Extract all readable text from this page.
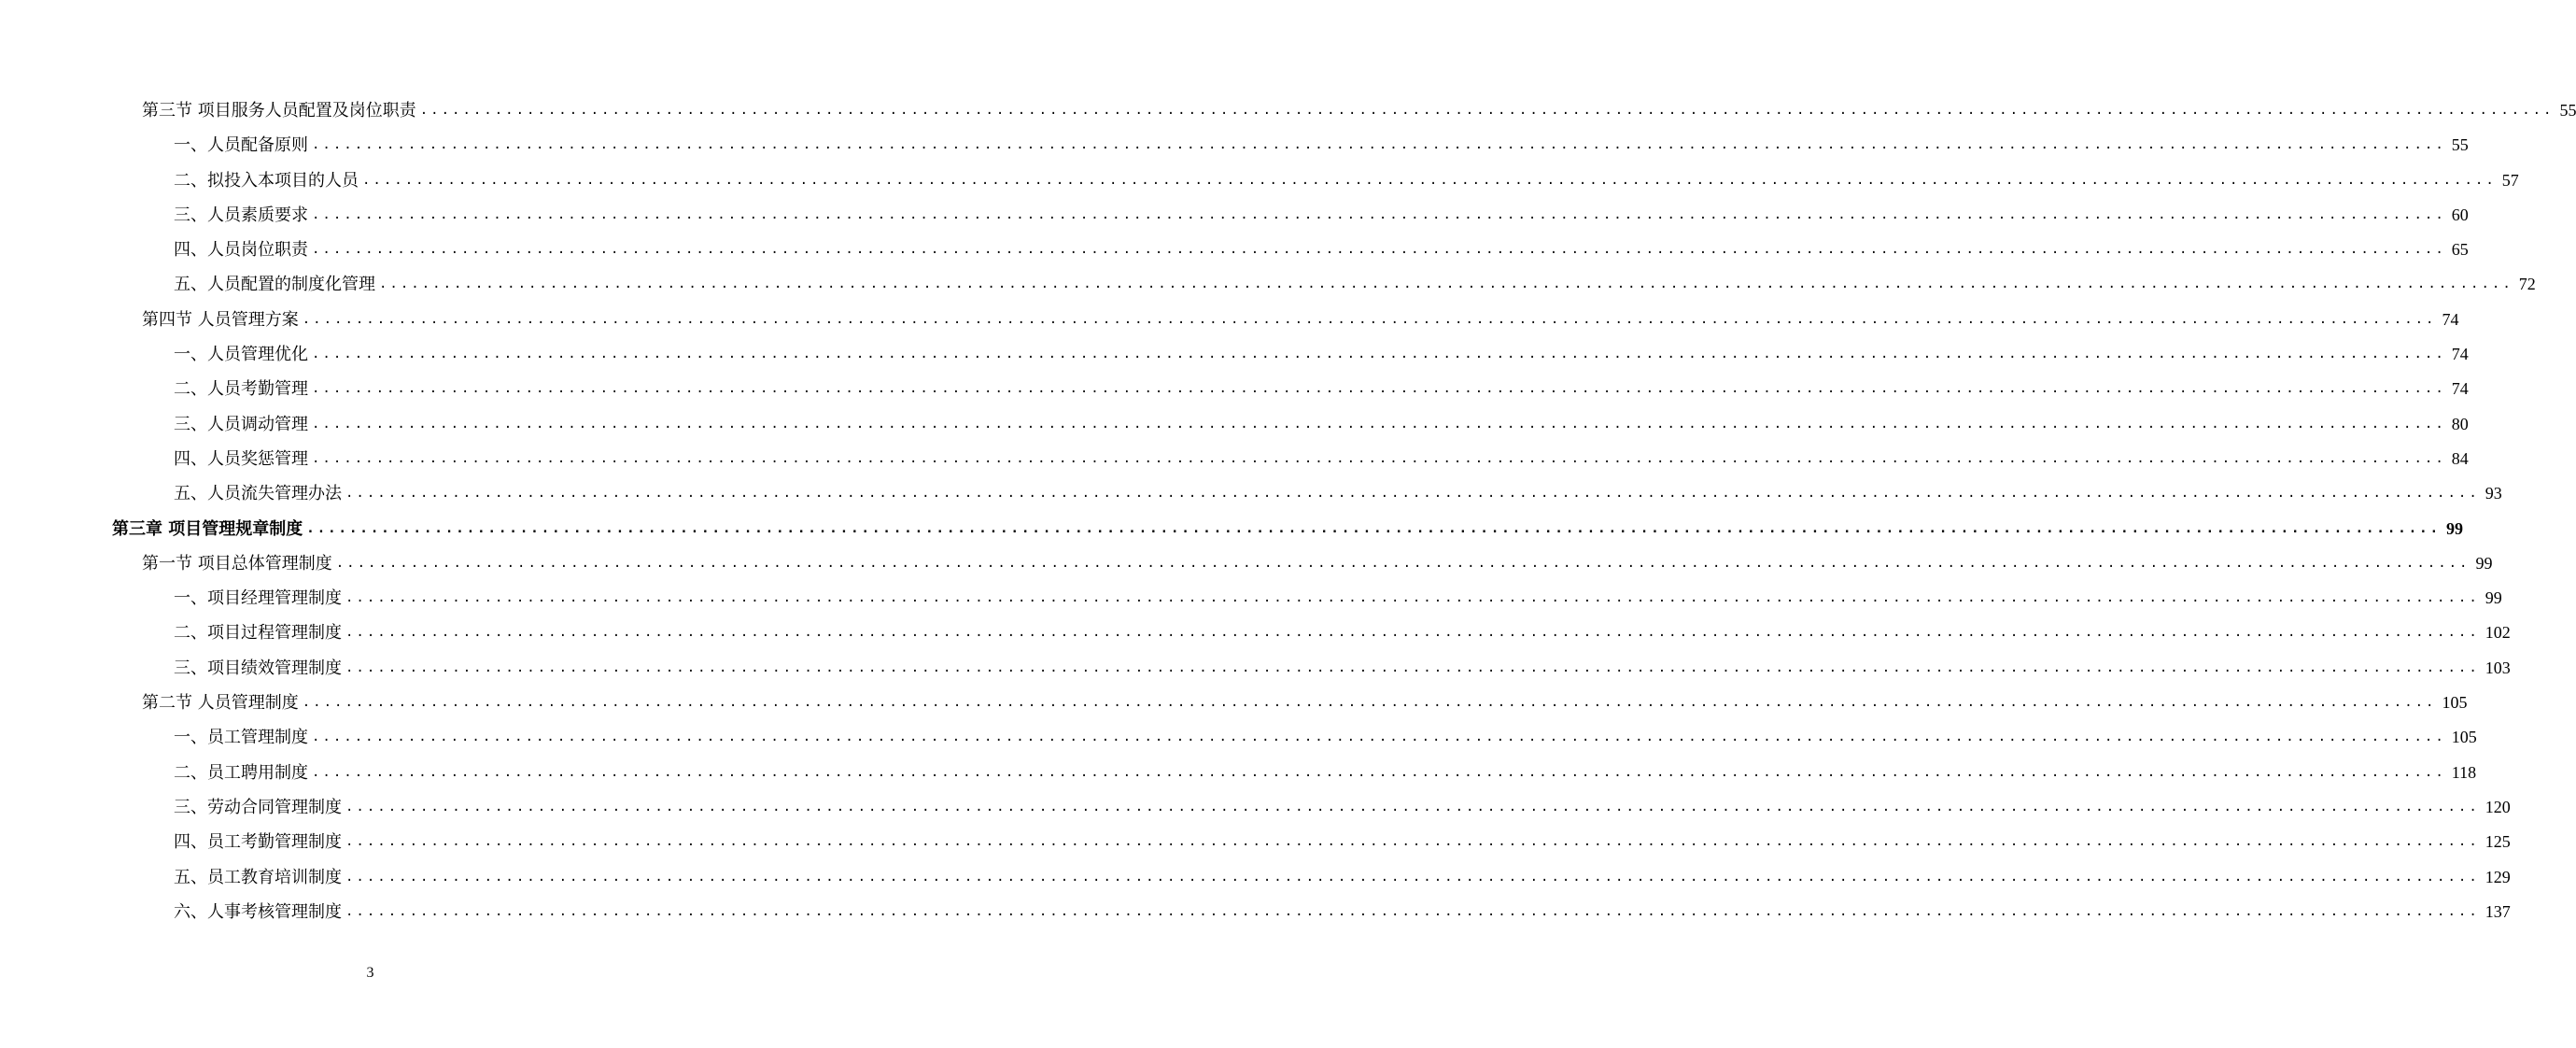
第三节 项目服务人员配置及岗位职责 ........................................................................................................................................................................................................ 55
一、人员配备原则 ........................................................................................................................................................................................................ 55
二、拟投入本项目的人员 ........................................................................................................................................................................................................ 57
三、人员素质要求 ........................................................................................................................................................................................................ 60
四、人员岗位职责 ........................................................................................................................................................................................................ 65
五、人员配置的制度化管理 ........................................................................................................................................................................................................ 72
第四节 人员管理方案 ........................................................................................................................................................................................................ 74
一、人员管理优化 ........................................................................................................................................................................................................ 74
二、人员考勤管理 ........................................................................................................................................................................................................ 74
三、人员调动管理 ........................................................................................................................................................................................................ 80
四、人员奖惩管理 ........................................................................................................................................................................................................ 84
五、人员流失管理办法 ........................................................................................................................................................................................................ 93
第三章 项目管理规章制度 ........................................................................................................................................................................................................ 99
第一节 项目总体管理制度 ........................................................................................................................................................................................................ 99
一、项目经理管理制度 ........................................................................................................................................................................................................ 99
二、项目过程管理制度 ........................................................................................................................................................................................................ 102
三、项目绩效管理制度 ........................................................................................................................................................................................................ 103
第二节 人员管理制度 ........................................................................................................................................................................................................ 105
一、员工管理制度 ........................................................................................................................................................................................................ 105
二、员工聘用制度 ........................................................................................................................................................................................................ 118
三、劳动合同管理制度 ........................................................................................................................................................................................................ 120
四、员工考勤管理制度 ........................................................................................................................................................................................................ 125
五、员工教育培训制度 ........................................................................................................................................................................................................ 129
六、人事考核管理制度 ........................................................................................................................................................................................................ 137
3
